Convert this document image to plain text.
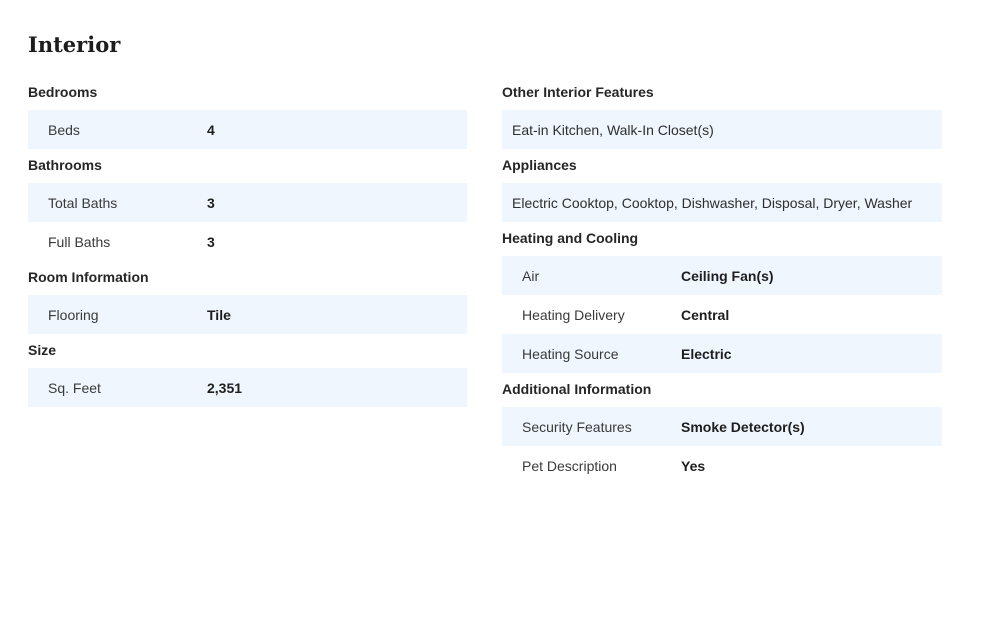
Interior
Bedrooms
Beds	4
Bathrooms
Total Baths	3
Full Baths	3
Room Information
Flooring	Tile
Size
Sq. Feet	2,351
Other Interior Features
Eat-in Kitchen, Walk-In Closet(s)
Appliances
Electric Cooktop, Cooktop, Dishwasher, Disposal, Dryer, Washer
Heating and Cooling
Air	Ceiling Fan(s)
Heating Delivery	Central
Heating Source	Electric
Additional Information
Security Features	Smoke Detector(s)
Pet Description	Yes
